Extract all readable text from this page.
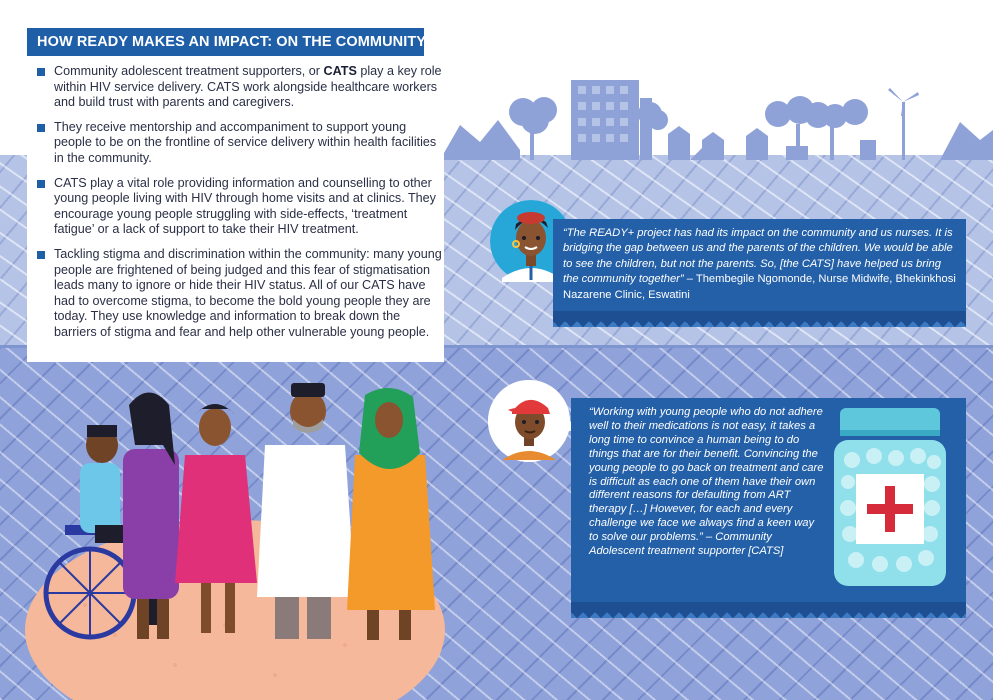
HOW READY MAKES AN IMPACT: ON THE COMMUNITY
Community adolescent treatment supporters, or CATS play a key role within HIV service delivery. CATS work alongside healthcare workers and build trust with parents and caregivers.
They receive mentorship and accompaniment to support young people to be on the frontline of service delivery within health facilities in the community.
CATS play a vital role providing information and counselling to other young people living with HIV through home visits and at clinics. They encourage young people struggling with side-effects, ‘treatment fatigue’ or a lack of support to take their HIV treatment.
Tackling stigma and discrimination within the community: many young people are frightened of being judged and this fear of stigmatisation leads many to ignore or hide their HIV status. All of our CATS have had to overcome stigma, to become the bold young people they are today. They use knowledge and information to break down the barriers of stigma and fear and help other vulnerable young people.
“The READY+ project has had its impact on the community and us nurses. It is bridging the gap between us and the parents of the children. We would be able to see the children, but not the parents. So, [the CATS] have helped us bring the community together” – Thembegile Ngomonde, Nurse Midwife, Bhekinkhosi Nazarene Clinic, Eswatini
“Working with young people who do not adhere well to their medications is not easy, it takes a long time to convince a human being to do things that are for their benefit. Convincing the young people to go back on treatment and care is difficult as each one of them have their own different reasons for defaulting from ART therapy […] However, for each and every challenge we face we always find a keen way to solve our problems.” – Community Adolescent treatment supporter [CATS]
